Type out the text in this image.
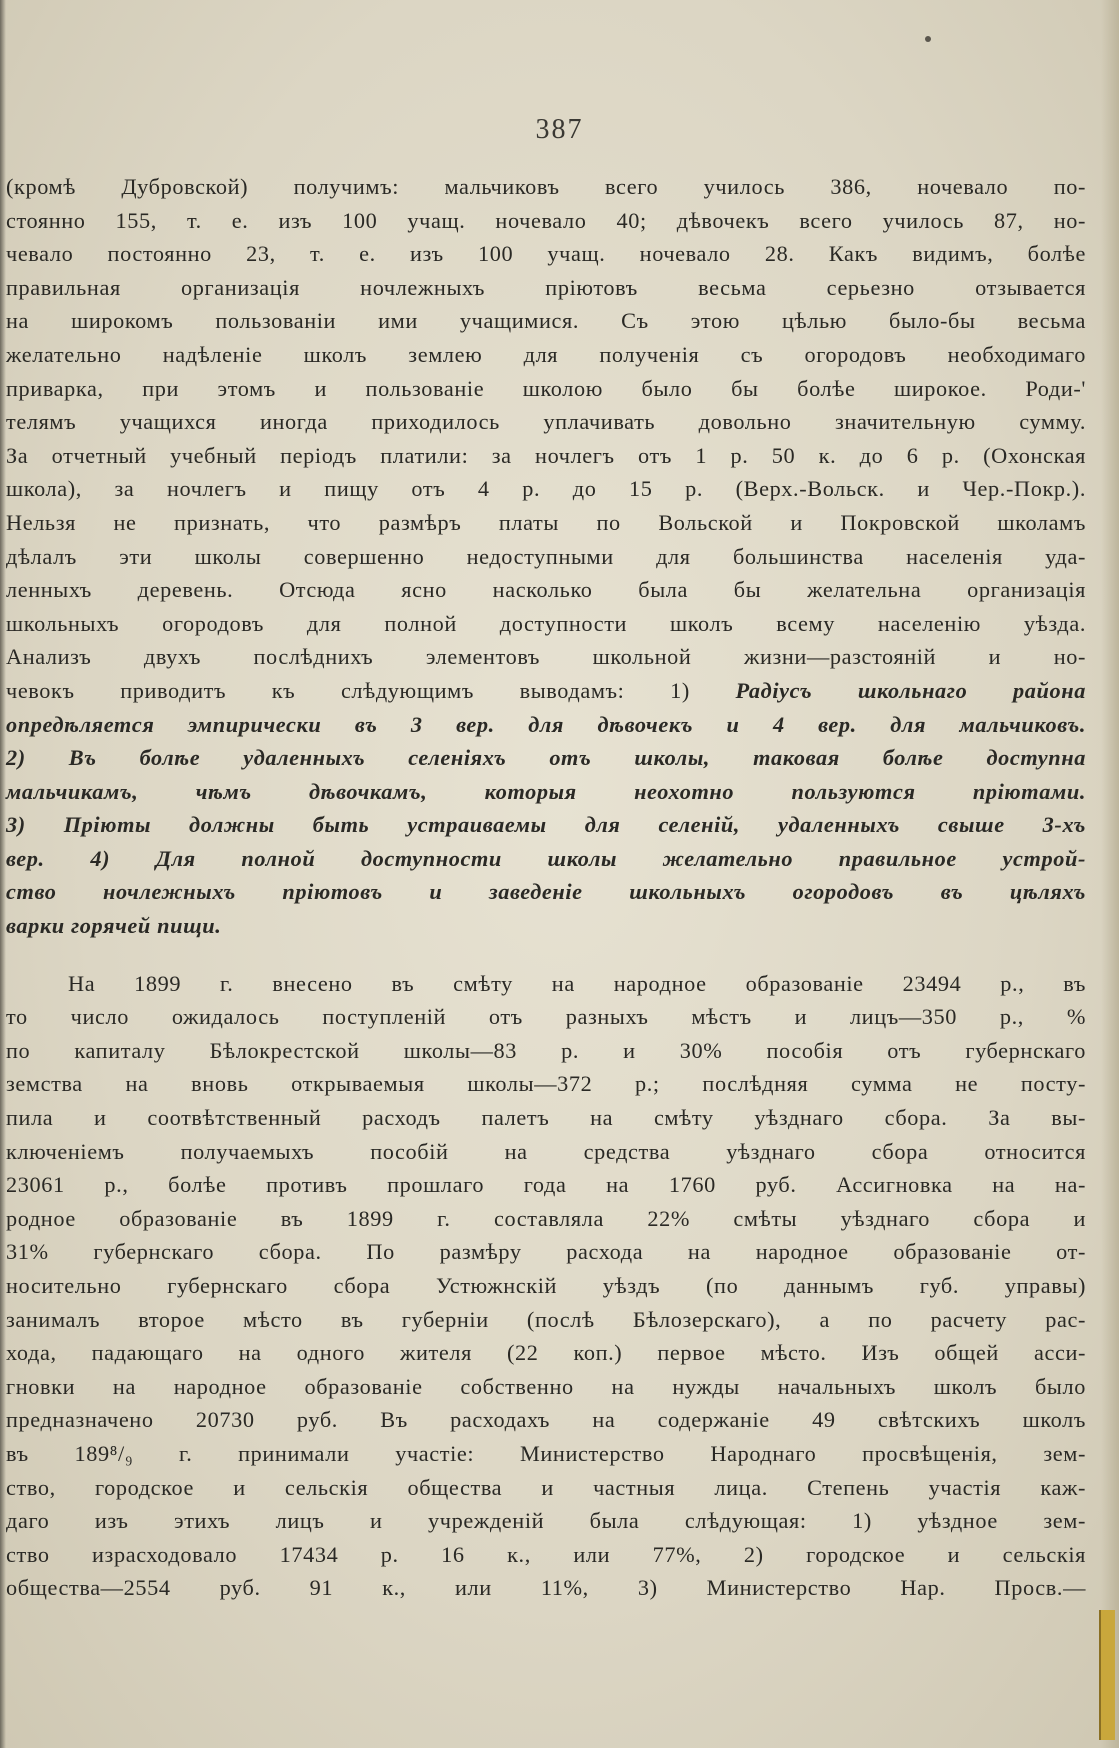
387
(кромѣ Дубровской) получимъ: мальчиковъ всего училось 386, ночевало по-
стоянно 155, т. е. изъ 100 учащ. ночевало 40; дѣвочекъ всего училось 87, но-
чевало постоянно 23, т. е. изъ 100 учащ. ночевало 28. Какъ видимъ, болѣе
правильная организація ночлежныхъ пріютовъ весьма серьезно отзывается
на широкомъ пользованіи ими учащимися. Съ этою цѣлью было-бы весьма
желательно надѣленіе школъ землею для полученія съ огородовъ необходимаго
приварка, при этомъ и пользованіе школою было бы болѣе широкое. Роди-'
телямъ учащихся иногда приходилось уплачивать довольно значительную сумму.
За отчетный учебный періодъ платили: за ночлегъ отъ 1 р. 50 к. до 6 р. (Охонская
школа), за ночлегъ и пищу отъ 4 р. до 15 р. (Верх.-Вольск. и Чер.-Покр.).
Нельзя не признать, что размѣръ платы по Вольской и Покровской школамъ
дѣлалъ эти школы совершенно недоступными для большинства населенія уда-
ленныхъ деревень. Отсюда ясно насколько была бы желательна организація
школьныхъ огородовъ для полной доступности школъ всему населенію уѣзда.
Анализъ двухъ послѣднихъ элементовъ школьной жизни—разстояній и но-
чевокъ приводитъ къ слѣдующимъ выводамъ: 1) Радіусъ школьнаго района
опредѣляется эмпирически въ 3 вер. для дѣвочекъ и 4 вер. для мальчиковъ.
2) Въ болѣе удаленныхъ селеніяхъ отъ школы, таковая болѣе доступна
мальчикамъ, чѣмъ дѣвочкамъ, которыя неохотно пользуются пріютами.
3) Пріюты должны быть устраиваемы для селеній, удаленныхъ свыше 3-хъ
вер. 4) Для полной доступности школы желательно правильное устрой-
ство ночлежныхъ пріютовъ и заведеніе школьныхъ огородовъ въ цѣляхъ
варки горячей пищи.
На 1899 г. внесено въ смѣту на народное образованіе 23494 р., въ
то число ожидалось поступленій отъ разныхъ мѣстъ и лицъ—350 р., %
по капиталу Бѣлокрестской школы—83 р. и 30% пособія отъ губернскаго
земства на вновь открываемыя школы—372 р.; послѣдняя сумма не посту-
пила и соотвѣтственный расходъ палетъ на смѣту уѣзднаго сбора. За вы-
ключеніемъ получаемыхъ пособій на средства уѣзднаго сбора относится
23061 р., болѣе противъ прошлаго года на 1760 руб. Ассигновка на на-
родное образованіе въ 1899 г. составляла 22% смѣты уѣзднаго сбора и
31% губернскаго сбора. По размѣру расхода на народное образованіе от-
носительно губернскаго сбора Устюжнскій уѣздъ (по даннымъ губ. управы)
занималъ второе мѣсто въ губерніи (послѣ Бѣлозерскаго), а по расчету рас-
хода, падающаго на одного жителя (22 коп.) первое мѣсто. Изъ общей асси-
гновки на народное образованіе собственно на нужды начальныхъ школъ было
предназначено 20730 руб. Въ расходахъ на содержаніе 49 свѣтскихъ школъ
въ 189⁸/₉ г. принимали участіе: Министерство Народнаго просвѣщенія, зем-
ство, городское и сельскія общества и частныя лица. Степень участія каж-
даго изъ этихъ лицъ и учрежденій была слѣдующая: 1) уѣздное зем-
ство израсходовало 17434 р. 16 к., или 77%, 2) городское и сельскія
общества—2554 руб. 91 к., или 11%, 3) Министерство Нар. Просв.—
